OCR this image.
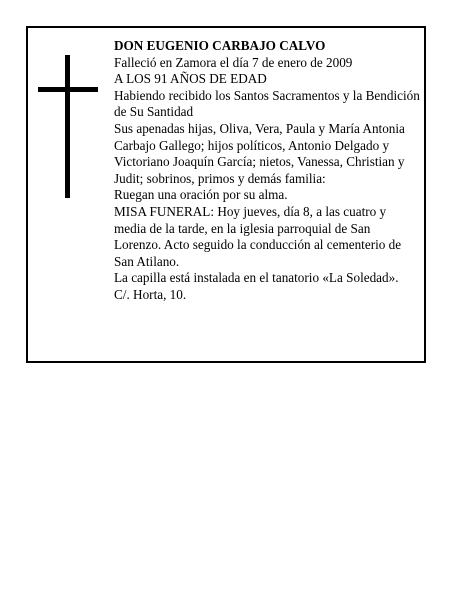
DON EUGENIO CARBAJO CALVO

Falleció en Zamora el día 7 de enero de 2009

A LOS 91 AÑOS DE EDAD

Habiendo recibido los Santos Sacramentos y la Bendición de Su Santidad

Sus apenadas hijas, Oliva, Vera, Paula y María Antonia Carbajo Gallego; hijos políticos, Antonio Delgado y Victoriano Joaquín García; nietos, Vanessa, Christian y Judit; sobrinos, primos y demás familia:

Ruegan una oración por su alma.

MISA FUNERAL: Hoy jueves, día 8, a las cuatro y media de la tarde, en la iglesia parroquial de San Lorenzo. Acto seguido la conducción al cementerio de San Atilano.

La capilla está instalada en el tanatorio «La Soledad».

C/. Horta, 10.
